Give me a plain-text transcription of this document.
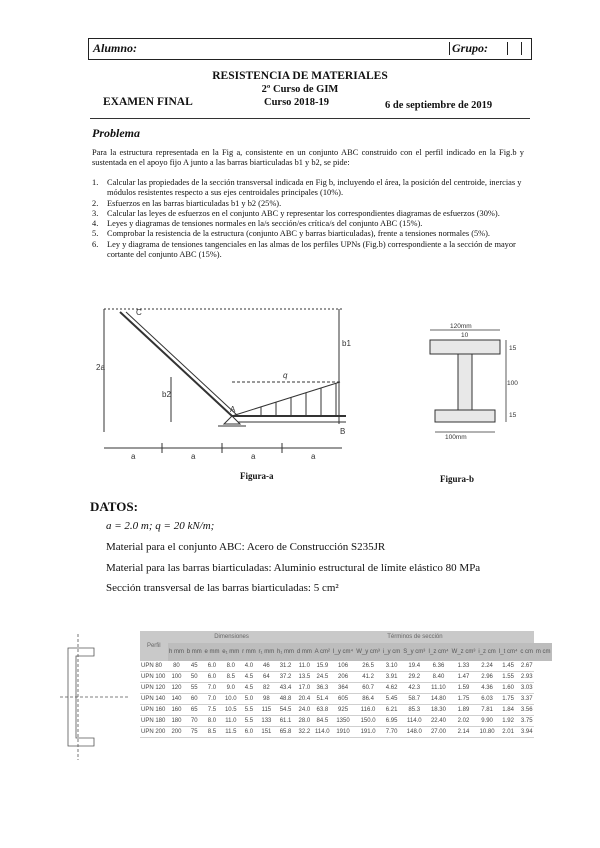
Alumno:	Grupo:
RESISTENCIA DE MATERIALES
2º Curso de GIM
EXAMEN FINAL	Curso 2018-19	6 de septiembre de 2019
Problema
Para la estructura representada en la Fig a, consistente en un conjunto ABC construido con el perfil indicado en la Fig.b y sustentada en el apoyo fijo A junto a las barras biarticuladas b1 y b2, se pide:
1. Calcular las propiedades de la sección transversal indicada en Fig b, incluyendo el área, la posición del centroide, inercias y módulos resistentes respecto a sus ejes centroidales principales (10%).
2. Esfuerzos en las barras biarticuladas b1 y b2 (25%).
3. Calcular las leyes de esfuerzos en el conjunto ABC y representar los correspondientes diagramas de esfuerzos (30%).
4. Leyes y diagramas de tensiones normales en la/s sección/es crítica/s del conjunto ABC (15%).
5. Comprobar la resistencia de la estructura (conjunto ABC y barras biarticuladas), frente a tensiones normales (5%).
6. Ley y diagrama de tensiones tangenciales en las almas de los perfiles UPNs (Fig.b) correspondiente a la sección de mayor cortante del conjunto ABC (15%).
C
A
B
q
b1
b2
2a
a	a	a	a
Figura-a
120mm
10
15
100
15
100mm
Figura-b
DATOS:
a = 2.0 m; q = 20 kN/m;
Material para el conjunto ABC: Acero de Construcción S235JR
Material para las barras biarticuladas: Aluminio estructural de límite elástico 80 MPa
Sección transversal de las barras biarticuladas: 5 cm²
Perfil	Dimensiones							Términos de sección											
	h mm	b mm	e mm	e₁ mm	r mm	r₁ mm	h₁ mm	d mm	A cm²	I_y cm⁴	W_y cm³	i_y cm	S_y cm³	I_z cm⁴	W_z cm³	i_z cm	I_t cm⁴	c cm	m cm
UPN 80	80	45	6.0	8.0	4.0	46	31.2	11.0	15.9	106	26.5	3.10	19.4	6.36	1.33	2.24	1.45	2.67	
UPN 100	100	50	6.0	8.5	4.5	64	37.2	13.5	24.5	206	41.2	3.91	29.2	8.40	1.47	2.96	1.55	2.93	
UPN 120	120	55	7.0	9.0	4.5	82	43.4	17.0	36.3	364	60.7	4.62	42.3	11.10	1.59	4.36	1.60	3.03	
UPN 140	140	60	7.0	10.0	5.0	98	48.8	20.4	51.4	605	86.4	5.45	58.7	14.80	1.75	6.03	1.75	3.37	
UPN 160	160	65	7.5	10.5	5.5	115	54.5	24.0	63.8	925	116.0	6.21	85.3	18.30	1.89	7.81	1.84	3.56	
UPN 180	180	70	8.0	11.0	5.5	133	61.1	28.0	84.5	1350	150.0	6.95	114.0	22.40	2.02	9.90	1.92	3.75	
UPN 200	200	75	8.5	11.5	6.0	151	65.8	32.2	114.0	1910	191.0	7.70	148.0	27.00	2.14	10.80	2.01	3.94	
